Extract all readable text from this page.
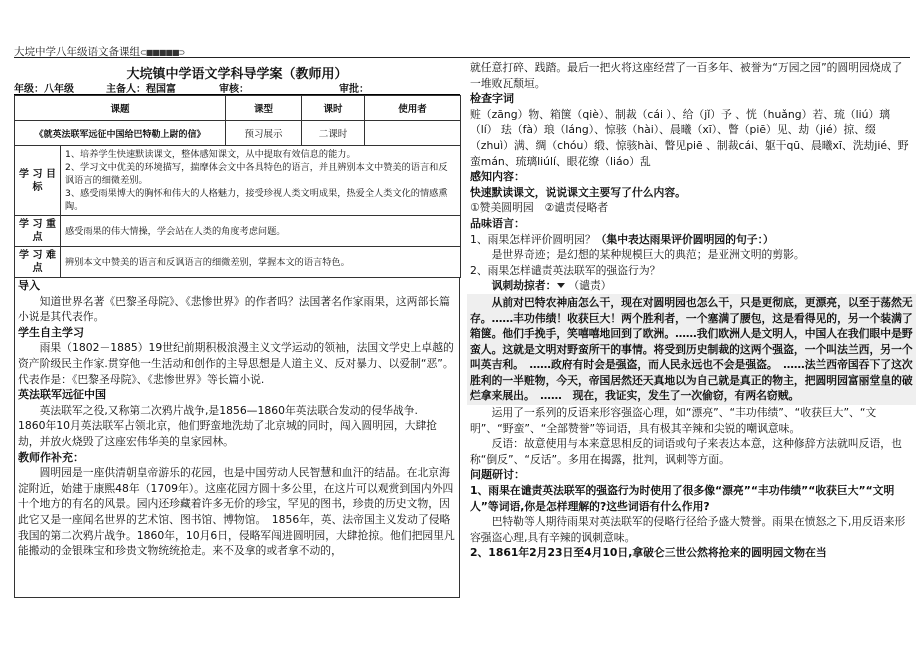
大垸中学八年级语文备课组⊂■■■■■⊃
大垸镇中学语文学科导学案（教师用）
年级：八年级	主备人：程国富	审核：	审批：
课题		课型	课时	使用者
《就英法联军远征中国给巴特勒上尉的信》		预习展示	二课时	
学 习 目 标	1、培养学生快速默读课文，整体感知课文，从中提取有效信息的能力。
2、学习文中优美的环境描写，揣摩体会文中各具特色的语言，并且辨别本文中赞美的语言和反讽语言的细微差别。
3、感受雨果博大的胸怀和伟大的人格魅力，接受珍视人类文明成果，热爱全人类文化的情感熏陶。			

学 习 重 点	感受雨果的伟大情操，学会站在人类的角度考虑问题。			
学 习 难 点	辨别本文中赞美的语言和反讽语言的细微差别，掌握本文的语言特色。			
导入
知道世界名著《巴黎圣母院》、《悲惨世界》的作者吗？法国著名作家雨果，这两部长篇小说是其代表作。
学生自主学习
雨果（1802－1885）19世纪前期积极浪漫主义文学运动的领袖，法国文学史上卓越的资产阶级民主作家.贯穿他一生活动和创作的主导思想是人道主义、反对暴力、以爱制“恶”。代表作是：《巴黎圣母院》、《悲惨世界》等长篇小说.
英法联军远征中国
英法联军之役,又称第二次鸦片战争,是1856—1860年英法联合发动的侵华战争.
1860年10月英法联军占领北京，他们野蛮地洗劫了北京城的同时，闯入圆明园，大肆抢劫，并放火烧毁了这座宏伟华美的皇家园林。
教师作补充：
圆明园是一座供清朝皇帝游乐的花园，也是中国劳动人民智慧和血汗的结晶。在北京海淀附近，始建于康熙48年（1709年）。这座花园方圆十多公里，在这片可以观赏到国内外四十个地方的有名的风景。园内还珍藏着许多无价的珍宝，罕见的图书，珍贵的历史文物，因此它又是一座闻名世界的艺术馆、图书馆、博物馆。　1856年，英、法帝国主义发动了侵略我国的第二次鸦片战争。1860年，10月6日，侵略军闯进圆明园，大肆抢掠。他们把园里凡能搬动的金银珠宝和珍贵文物统统抢走。来不及拿的或者拿不动的，
就任意打碎、践踏。最后一把火将这座经营了一百多年、被誉为“万园之园”的圆明园烧成了一堆败瓦颓垣。
检查字词
赃（zāng）物、箱箧（qiè）、制裁（cái ）、给（jǐ）予 、恍（huǎng）若、琉（liú）璃（lí） 珐（fà）琅（láng）、惊骇（hài）、晨曦（xī）、瞥（piē）见、劫（jié）掠、缀（zhuì）满、绸（chóu）缎、惊骇hài、瞥见piē 、制裁cái、躯干qū、晨曦xī、洗劫jié、野蛮mán、琉璃liúlí、眼花缭（liáo）乱
感知内容：
快速默读课文，说说课文主要写了什么内容。
①赞美圆明园　②谴责侵略者
品味语言：
1、雨果怎样评价圆明园？（集中表达雨果评价圆明园的句子：）
是世界奇迹；是幻想的某种规模巨大的典范；是亚洲文明的剪影。
2、雨果怎样谴责英法联军的强盗行为？
讽刺劫掠者： （谴责）
从前对巴特农神庙怎么干，现在对圆明园也怎么干，只是更彻底，更漂亮，以至于荡然无存。……丰功伟绩！收获巨大！两个胜利者，一个塞满了腰包，这是看得见的，另一个装满了箱箧。他们手挽手，笑嘻嘻地回到了欧洲。……我们欧洲人是文明人，中国人在我们眼中是野蛮人。这就是文明对野蛮所干的事情。将受到历史制裁的这两个强盗，一个叫法兰西，另一个叫英吉利。　……政府有时会是强盗，而人民永远也不会是强盗。　……法兰西帝国吞下了这次胜利的一半赃物，今天，帝国居然还天真地以为自己就是真正的物主，把圆明园富丽堂皇的破烂拿来展出。　……　现在，我证实，发生了一次偷窃，有两名窃贼。
运用了一系列的反语来形容强盗心理，如“漂亮”、“丰功伟绩”、“收获巨大”、“文明”、“野蛮”、“全部赞誉”等词语，具有极其辛辣和尖锐的嘲讽意味。
反语：故意使用与本来意思相反的词语或句子来表达本意，这种修辞方法就叫反语，也称“倒反”、“反话”。多用在揭露，批判，讽刺等方面。
问题研讨：
1、雨果在谴责英法联军的强盗行为时使用了很多像“漂亮”“丰功伟绩”“收获巨大”“文明人”等词语,你是怎样理解的?这些词语有什么作用?
巴特勒等人期待雨果对英法联军的侵略行径给予盛大赞誉。雨果在愤怒之下,用反语来形容强盗心理,具有辛辣的讽刺意味。
2、1861年2月23日至4月10日,拿破仑三世公然将抢来的圆明园文物在当
